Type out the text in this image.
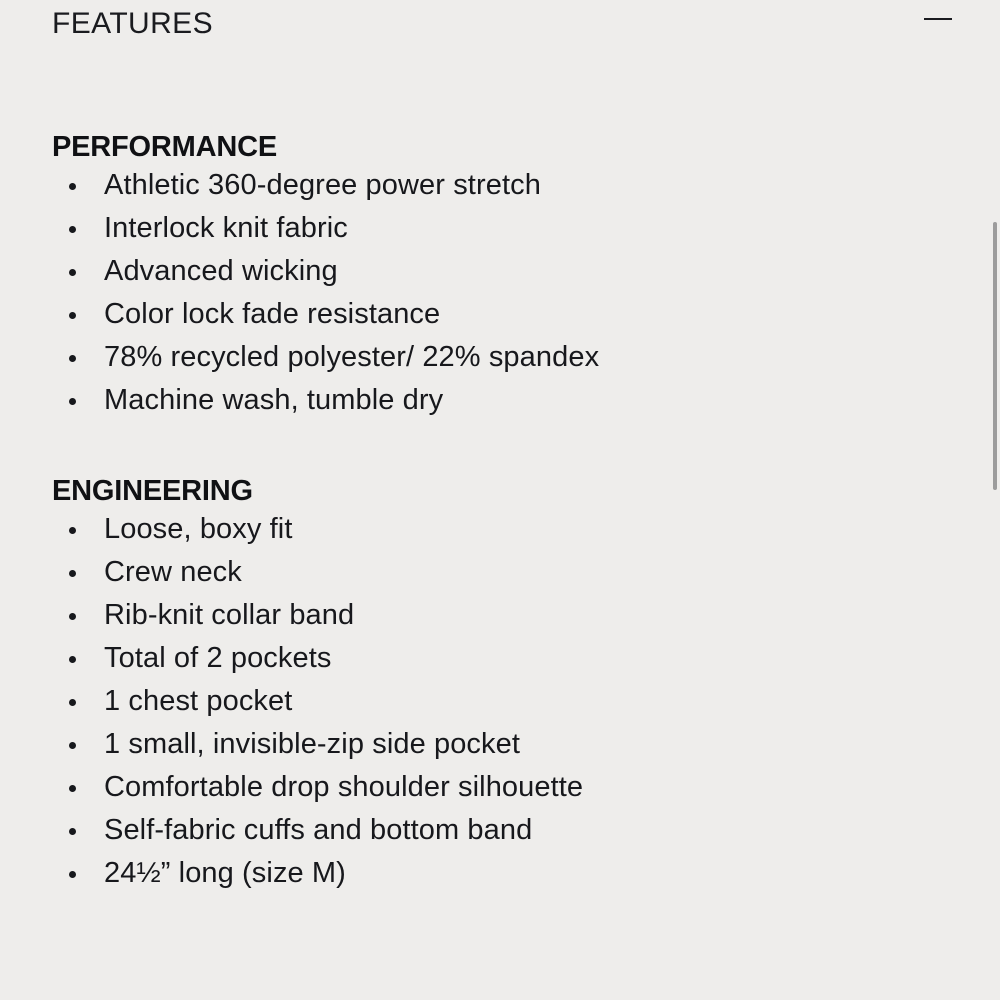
FEATURES
PERFORMANCE
Athletic 360-degree power stretch
Interlock knit fabric
Advanced wicking
Color lock fade resistance
78% recycled polyester/ 22% spandex
Machine wash, tumble dry
ENGINEERING
Loose, boxy fit
Crew neck
Rib-knit collar band
Total of 2 pockets
1 chest pocket
1 small, invisible-zip side pocket
Comfortable drop shoulder silhouette
Self-fabric cuffs and bottom band
24½” long (size M)
